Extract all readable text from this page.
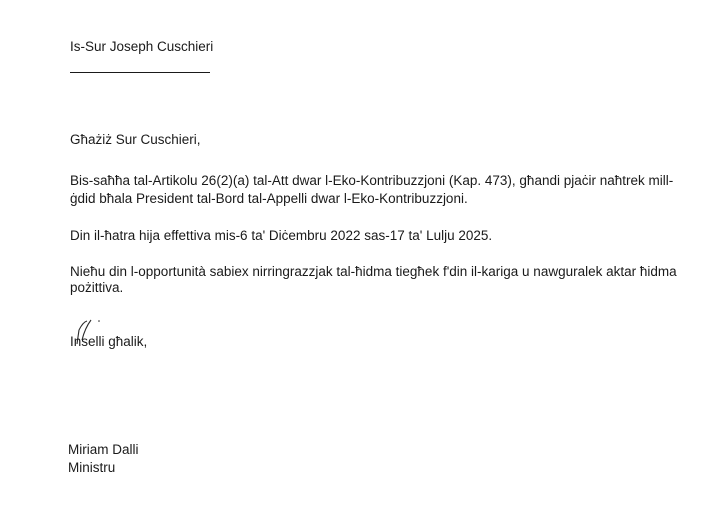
Is-Sur Joseph Cuschieri
Għażiż Sur Cuschieri,
Bis-saħħa tal-Artikolu 26(2)(a) tal-Att dwar l-Eko-Kontribuzzjoni (Kap. 473), għandi pjaċir naħtrek mill-
ġdid bħala President tal-Bord tal-Appelli dwar l-Eko-Kontribuzzjoni.
Din il-ħatra hija effettiva mis-6 ta' Diċembru 2022 sas-17 ta' Lulju 2025.
Nieħu din l-opportunità sabiex nirringrazzjak tal-ħidma tiegħek f'din il-kariga u nawguralek aktar ħidma
pożittiva.
Inselli għalik,
Miriam Dalli
Ministru
